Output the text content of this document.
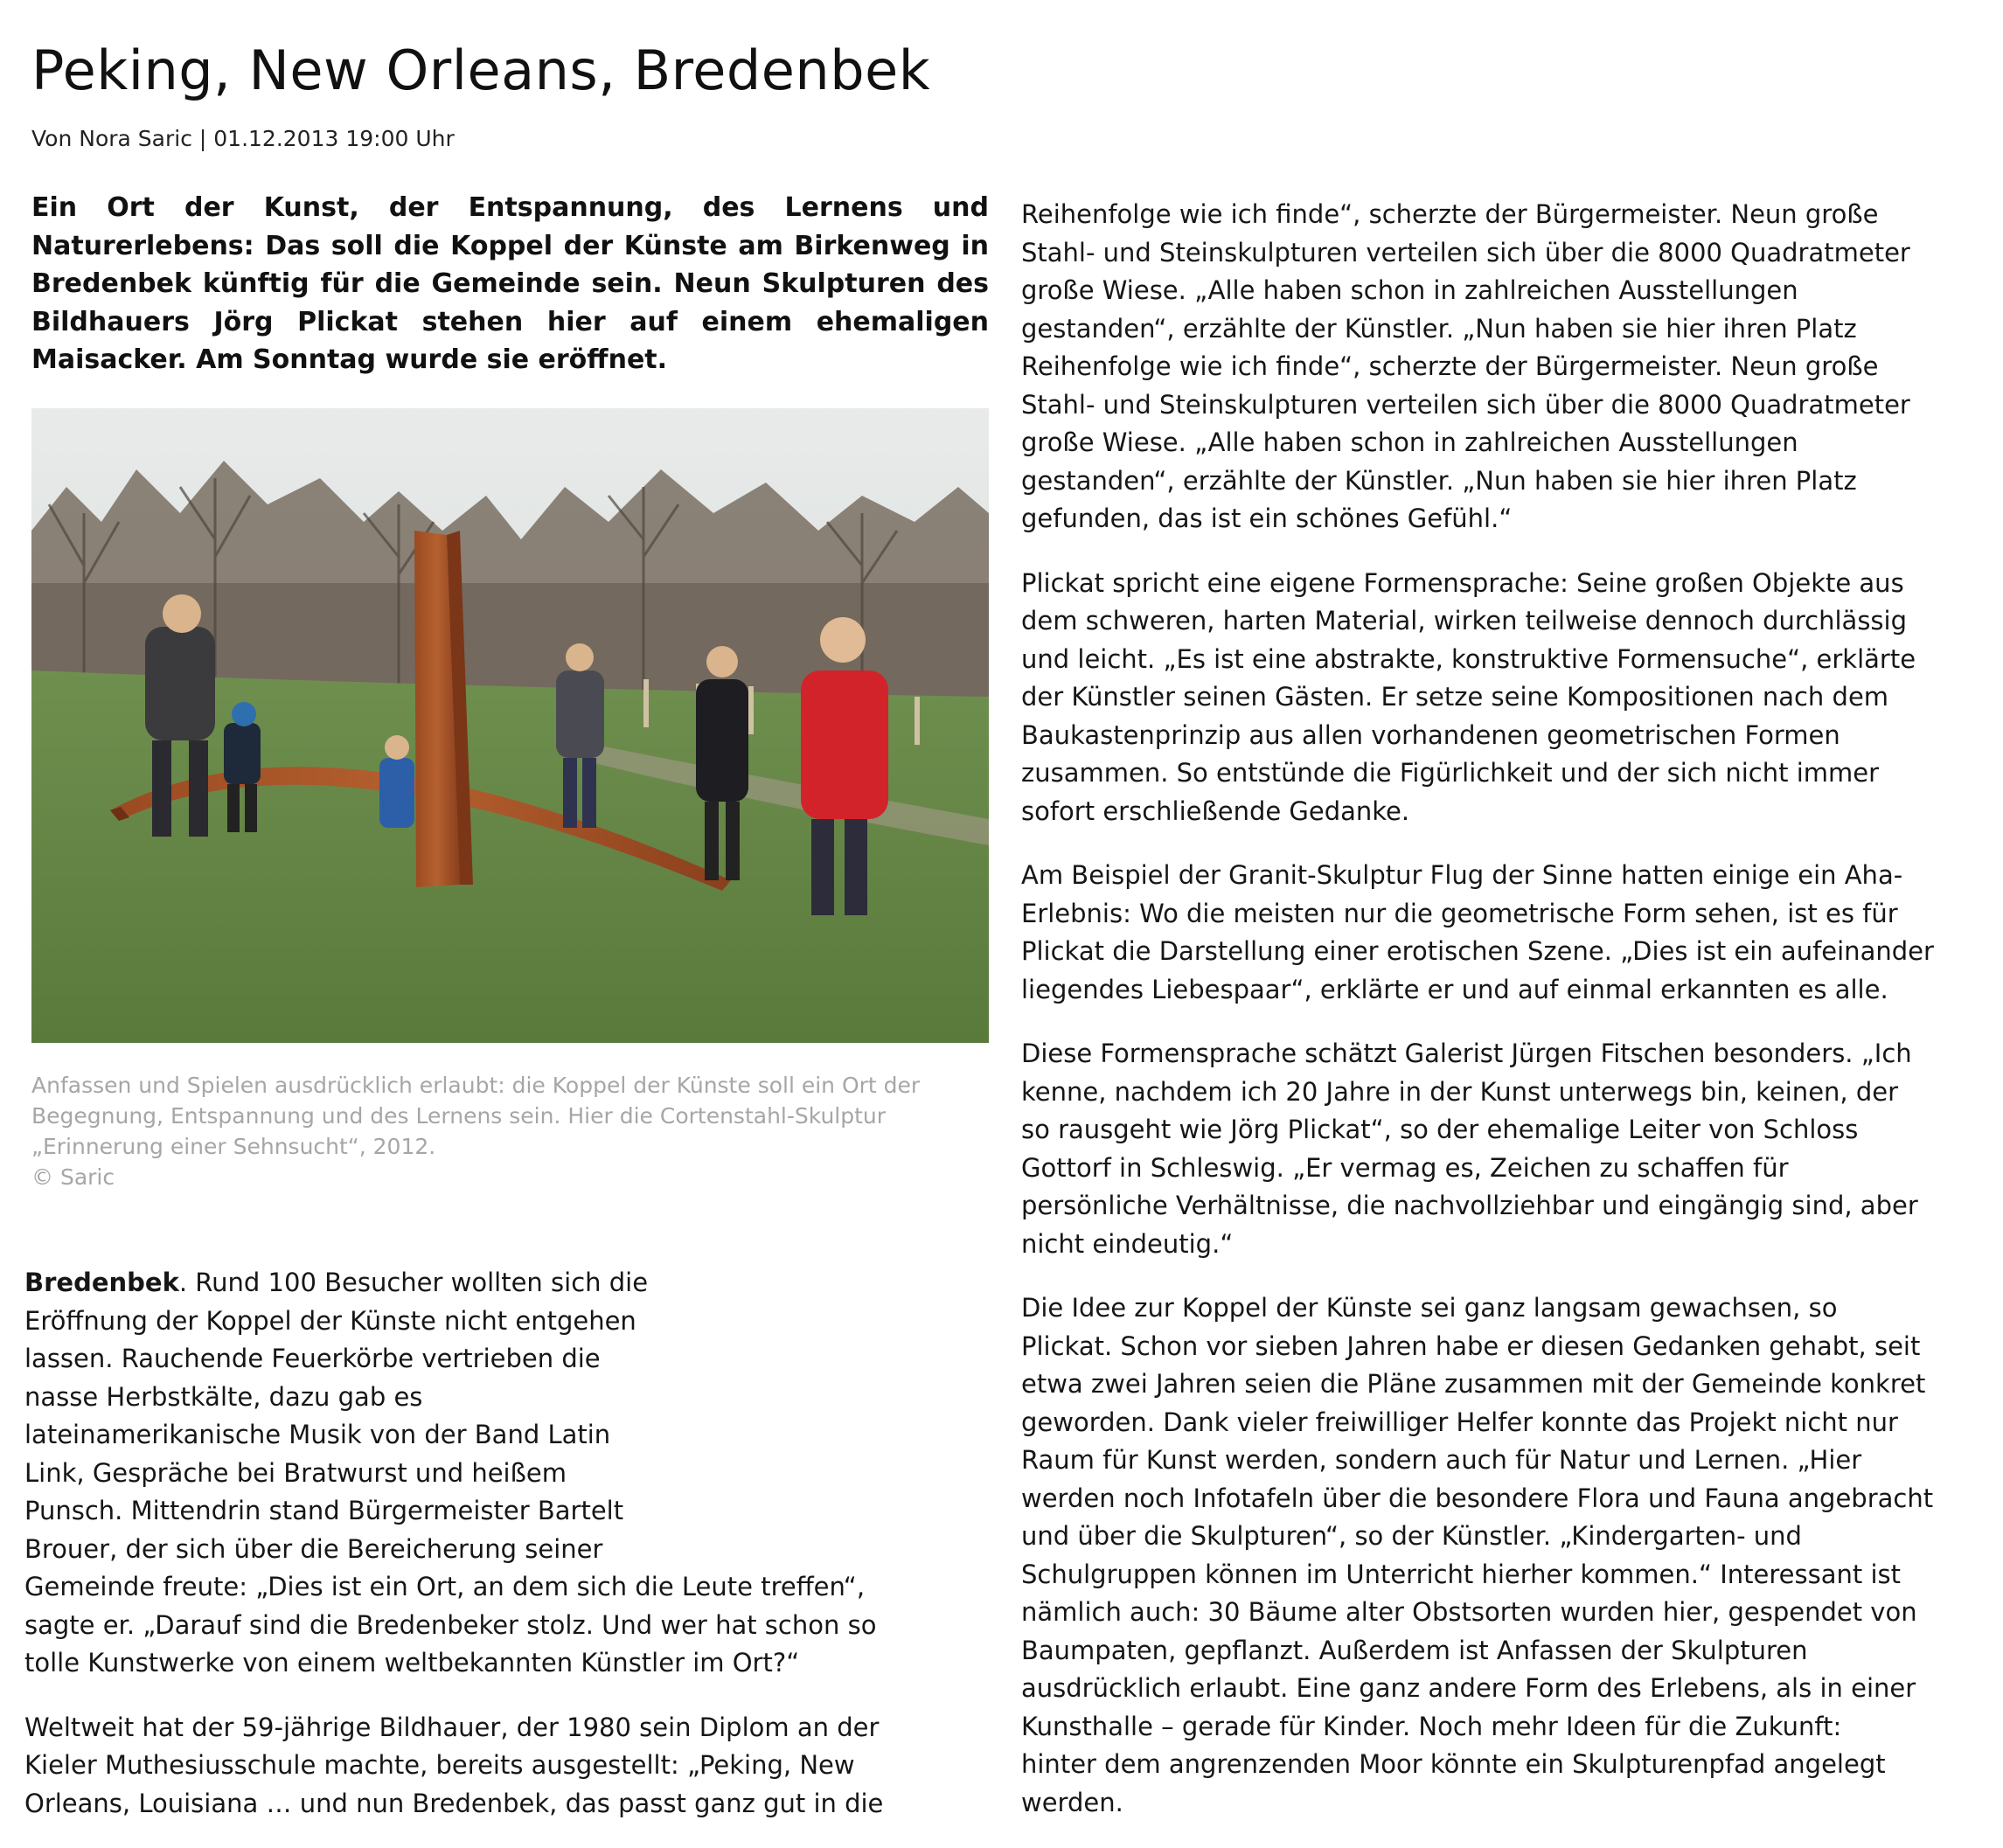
Peking, New Orleans, Bredenbek
Von Nora Saric | 01.12.2013 19:00 Uhr

Ein Ort der Kunst, der Entspannung, des Lernens und Naturerlebens: Das soll die Koppel der Künste am Birkenweg in Bredenbek künftig für die Gemeinde sein. Neun Skulpturen des Bildhauers Jörg Plickat stehen hier auf einem ehemaligen Maisacker. Am Sonntag wurde sie eröffnet.

Anfassen und Spielen ausdrücklich erlaubt: die Koppel der Künste soll ein Ort der Begegnung, Entspannung und des Lernens sein. Hier die Cortenstahl-Skulptur „Erinnerung einer Sehnsucht“, 2012.
© Saric

Bredenbek. Rund 100 Besucher wollten sich die
Eröffnung der Koppel der Künste nicht entgehen
lassen. Rauchende Feuerkörbe vertrieben die
nasse Herbstkälte, dazu gab es
lateinamerikanische Musik von der Band Latin
Link, Gespräche bei Bratwurst und heißem
Punsch. Mittendrin stand Bürgermeister Bartelt
Brouer, der sich über die Bereicherung seiner
Gemeinde freute: „Dies ist ein Ort, an dem sich die Leute treffen“,
sagte er. „Darauf sind die Bredenbeker stolz. Und wer hat schon so
tolle Kunstwerke von einem weltbekannten Künstler im Ort?“

Weltweit hat der 59-jährige Bildhauer, der 1980 sein Diplom an der
Kieler Muthesiusschule machte, bereits ausgestellt: „Peking, New
Orleans, Louisiana … und nun Bredenbek, das passt ganz gut in die

Reihenfolge wie ich finde“, scherzte der Bürgermeister. Neun große
Stahl- und Steinskulpturen verteilen sich über die 8000 Quadratmeter
große Wiese. „Alle haben schon in zahlreichen Ausstellungen
gestanden“, erzählte der Künstler. „Nun haben sie hier ihren Platz
Reihenfolge wie ich finde“, scherzte der Bürgermeister. Neun große
Stahl- und Steinskulpturen verteilen sich über die 8000 Quadratmeter
große Wiese. „Alle haben schon in zahlreichen Ausstellungen
gestanden“, erzählte der Künstler. „Nun haben sie hier ihren Platz
gefunden, das ist ein schönes Gefühl.“

Plickat spricht eine eigene Formensprache: Seine großen Objekte aus
dem schweren, harten Material, wirken teilweise dennoch durchlässig
und leicht. „Es ist eine abstrakte, konstruktive Formensuche“, erklärte
der Künstler seinen Gästen. Er setze seine Kompositionen nach dem
Baukastenprinzip aus allen vorhandenen geometrischen Formen
zusammen. So entstünde die Figürlichkeit und der sich nicht immer
sofort erschließende Gedanke.

Am Beispiel der Granit-Skulptur Flug der Sinne hatten einige ein Aha-
Erlebnis: Wo die meisten nur die geometrische Form sehen, ist es für
Plickat die Darstellung einer erotischen Szene. „Dies ist ein aufeinander
liegendes Liebespaar“, erklärte er und auf einmal erkannten es alle.

Diese Formensprache schätzt Galerist Jürgen Fitschen besonders. „Ich
kenne, nachdem ich 20 Jahre in der Kunst unterwegs bin, keinen, der
so rausgeht wie Jörg Plickat“, so der ehemalige Leiter von Schloss
Gottorf in Schleswig. „Er vermag es, Zeichen zu schaffen für
persönliche Verhältnisse, die nachvollziehbar und eingängig sind, aber
nicht eindeutig.“

Die Idee zur Koppel der Künste sei ganz langsam gewachsen, so
Plickat. Schon vor sieben Jahren habe er diesen Gedanken gehabt, seit
etwa zwei Jahren seien die Pläne zusammen mit der Gemeinde konkret
geworden. Dank vieler freiwilliger Helfer konnte das Projekt nicht nur
Raum für Kunst werden, sondern auch für Natur und Lernen. „Hier
werden noch Infotafeln über die besondere Flora und Fauna angebracht
und über die Skulpturen“, so der Künstler. „Kindergarten- und
Schulgruppen können im Unterricht hierher kommen.“ Interessant ist
nämlich auch: 30 Bäume alter Obstsorten wurden hier, gespendet von
Baumpaten, gepflanzt. Außerdem ist Anfassen der Skulpturen
ausdrücklich erlaubt. Eine ganz andere Form des Erlebens, als in einer
Kunsthalle – gerade für Kinder. Noch mehr Ideen für die Zukunft:
hinter dem angrenzenden Moor könnte ein Skulpturenpfad angelegt
werden.
